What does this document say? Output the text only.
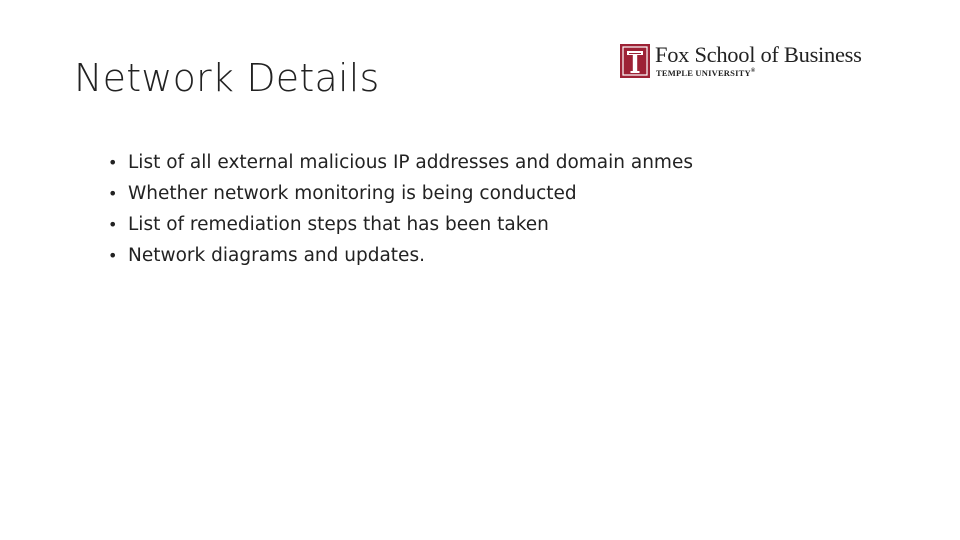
Network Details
Fox School of Business
TEMPLE UNIVERSITY®
• List of all external malicious IP addresses and domain anmes
• Whether network monitoring is being conducted
• List of remediation steps that has been taken
• Network diagrams and updates.
